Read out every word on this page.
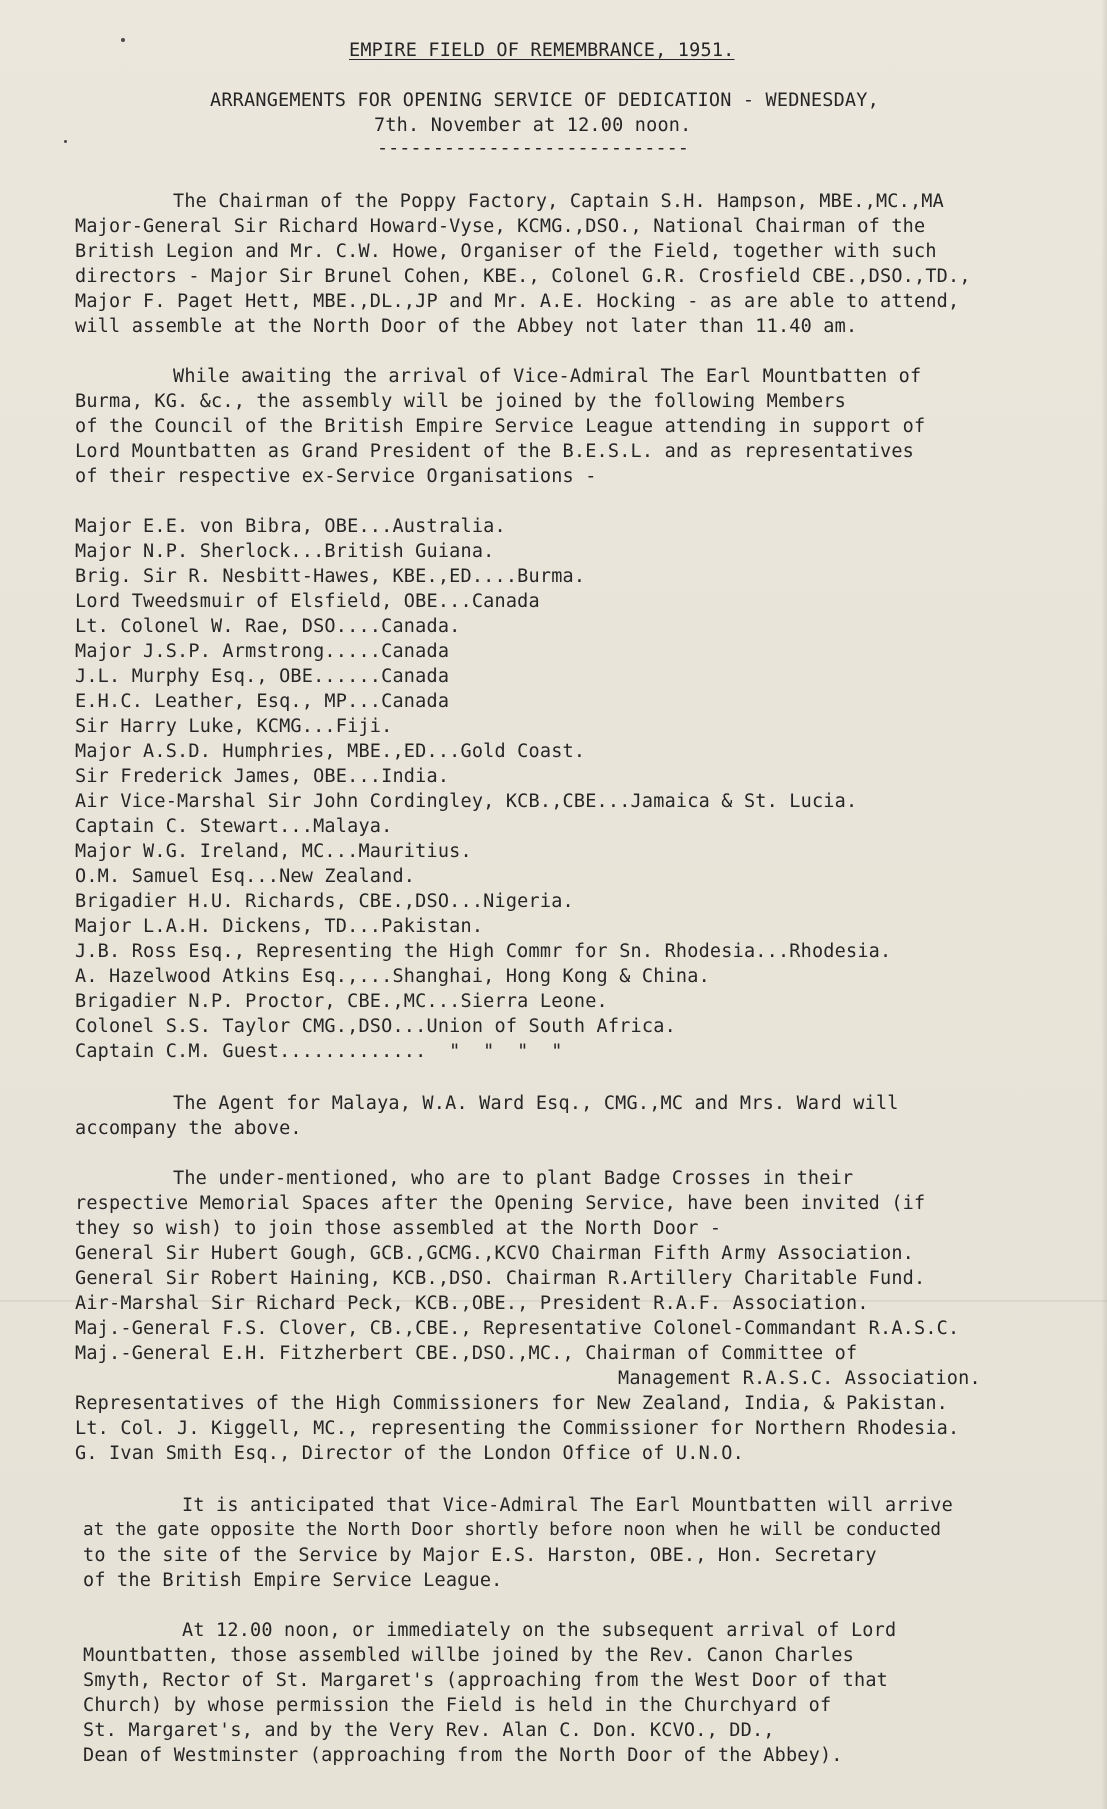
EMPIRE FIELD OF REMEMBRANCE, 1951.
ARRANGEMENTS FOR OPENING SERVICE OF DEDICATION - WEDNESDAY,
7th. November at 12.00 noon.
----------------------------
The Chairman of the Poppy Factory, Captain S.H. Hampson, MBE.,MC.,MA
Major-General Sir Richard Howard-Vyse, KCMG.,DSO., National Chairman of the
British Legion and Mr. C.W. Howe, Organiser of the Field, together with such
directors - Major Sir Brunel Cohen, KBE., Colonel G.R. Crosfield CBE.,DSO.,TD.,
Major F. Paget Hett, MBE.,DL.,JP and Mr. A.E. Hocking - as are able to attend,
will assemble at the North Door of the Abbey not later than 11.40 am.
While awaiting the arrival of Vice-Admiral The Earl Mountbatten of
Burma, KG. &c., the assembly will be joined by the following Members
of the Council of the British Empire Service League attending in support of
Lord Mountbatten as Grand President of the B.E.S.L. and as representatives
of their respective ex-Service Organisations -
Major E.E. von Bibra, OBE...Australia.
Major N.P. Sherlock...British Guiana.
Brig. Sir R. Nesbitt-Hawes, KBE.,ED....Burma.
Lord Tweedsmuir of Elsfield, OBE...Canada
Lt. Colonel W. Rae, DSO....Canada.
Major J.S.P. Armstrong.....Canada
J.L. Murphy Esq., OBE......Canada
E.H.C. Leather, Esq., MP...Canada
Sir Harry Luke, KCMG...Fiji.
Major A.S.D. Humphries, MBE.,ED...Gold Coast.
Sir Frederick James, OBE...India.
Air Vice-Marshal Sir John Cordingley, KCB.,CBE...Jamaica & St. Lucia.
Captain C. Stewart...Malaya.
Major W.G. Ireland, MC...Mauritius.
O.M. Samuel Esq...New Zealand.
Brigadier H.U. Richards, CBE.,DSO...Nigeria.
Major L.A.H. Dickens, TD...Pakistan.
J.B. Ross Esq., Representing the High Commr for Sn. Rhodesia...Rhodesia.
A. Hazelwood Atkins Esq.,...Shanghai, Hong Kong & China.
Brigadier N.P. Proctor, CBE.,MC...Sierra Leone.
Colonel S.S. Taylor CMG.,DSO...Union of South Africa.
Captain C.M. Guest.............  "  "  "  "
The Agent for Malaya, W.A. Ward Esq., CMG.,MC and Mrs. Ward will
accompany the above.
The under-mentioned, who are to plant Badge Crosses in their
respective Memorial Spaces after the Opening Service, have been invited (if
they so wish) to join those assembled at the North Door -
General Sir Hubert Gough, GCB.,GCMG.,KCVO Chairman Fifth Army Association.
General Sir Robert Haining, KCB.,DSO. Chairman R.Artillery Charitable Fund.
Air-Marshal Sir Richard Peck, KCB.,OBE., President R.A.F. Association.
Maj.-General F.S. Clover, CB.,CBE., Representative Colonel-Commandant R.A.S.C.
Maj.-General E.H. Fitzherbert CBE.,DSO.,MC., Chairman of Committee of
Management R.A.S.C. Association.
Representatives of the High Commissioners for New Zealand, India, & Pakistan.
Lt. Col. J. Kiggell, MC., representing the Commissioner for Northern Rhodesia.
G. Ivan Smith Esq., Director of the London Office of U.N.O.
It is anticipated that Vice-Admiral The Earl Mountbatten will arrive
at the gate opposite the North Door shortly before noon when he will be conducted
to the site of the Service by Major E.S. Harston, OBE., Hon. Secretary
of the British Empire Service League.
At 12.00 noon, or immediately on the subsequent arrival of Lord
Mountbatten, those assembled willbe joined by the Rev. Canon Charles
Smyth, Rector of St. Margaret's (approaching from the West Door of that
Church) by whose permission the Field is held in the Churchyard of
St. Margaret's, and by the Very Rev. Alan C. Don. KCVO., DD.,
Dean of Westminster (approaching from the North Door of the Abbey).
